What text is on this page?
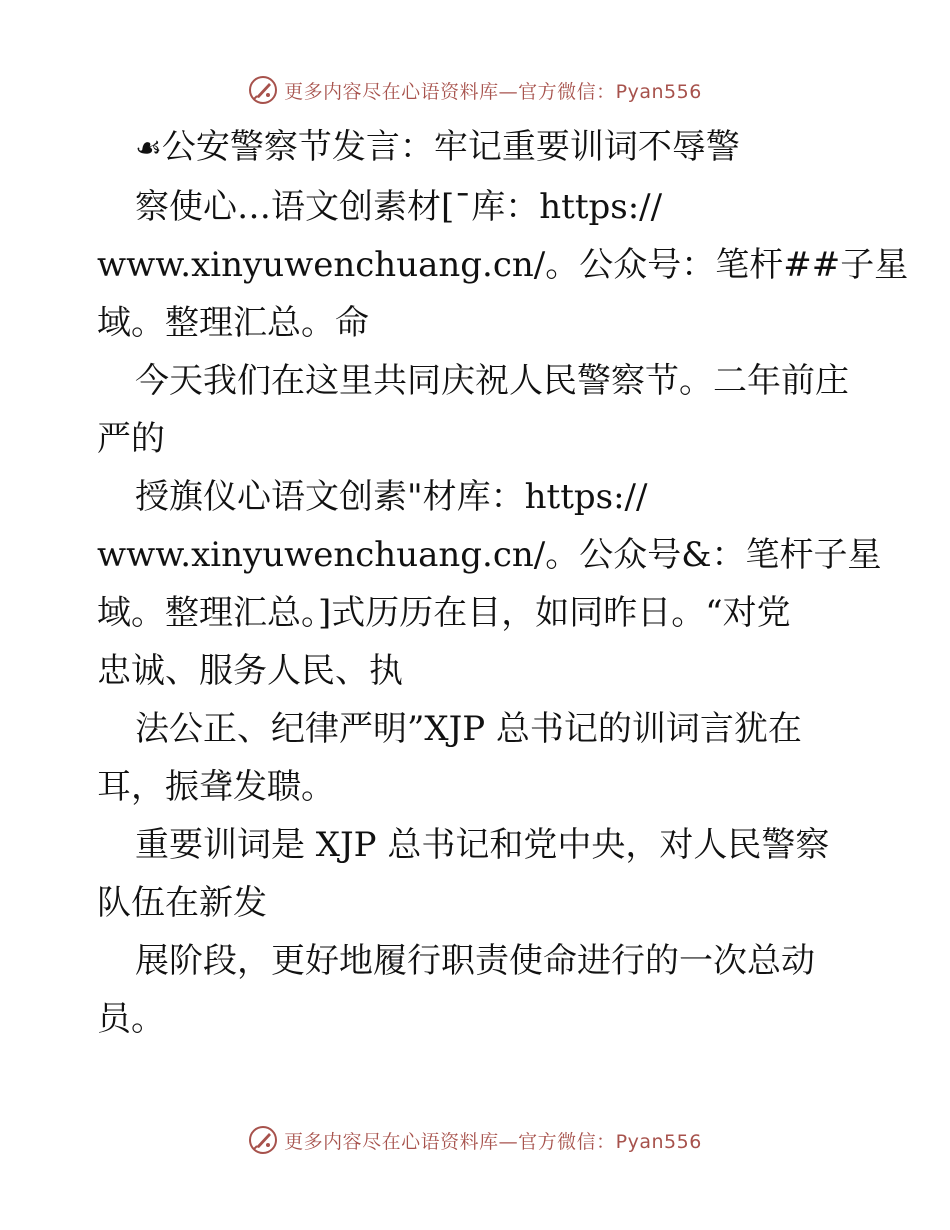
更多内容尽在心语资料库—官方微信：Pyan556

☙公安警察节发言：牢记重要训词不辱警

察使心…语文创素材[¯库：https://

www.xinyuwenchuang.cn/。公众号：笔杆##子星

域。整理汇总。命

今天我们在这里共同庆祝人民警察节。二年前庄

严的

授旗仪心语文创素"材库：https://

www.xinyuwenchuang.cn/。公众号&：笔杆子星

域。整理汇总。]式历历在目，如同昨日。“对党

忠诚、服务人民、执

法公正、纪律严明”XJP 总书记的训词言犹在

耳，振聋发聩。

重要训词是 XJP 总书记和党中央，对人民警察

队伍在新发

展阶段，更好地履行职责使命进行的一次总动

员。

更多内容尽在心语资料库—官方微信：Pyan556
